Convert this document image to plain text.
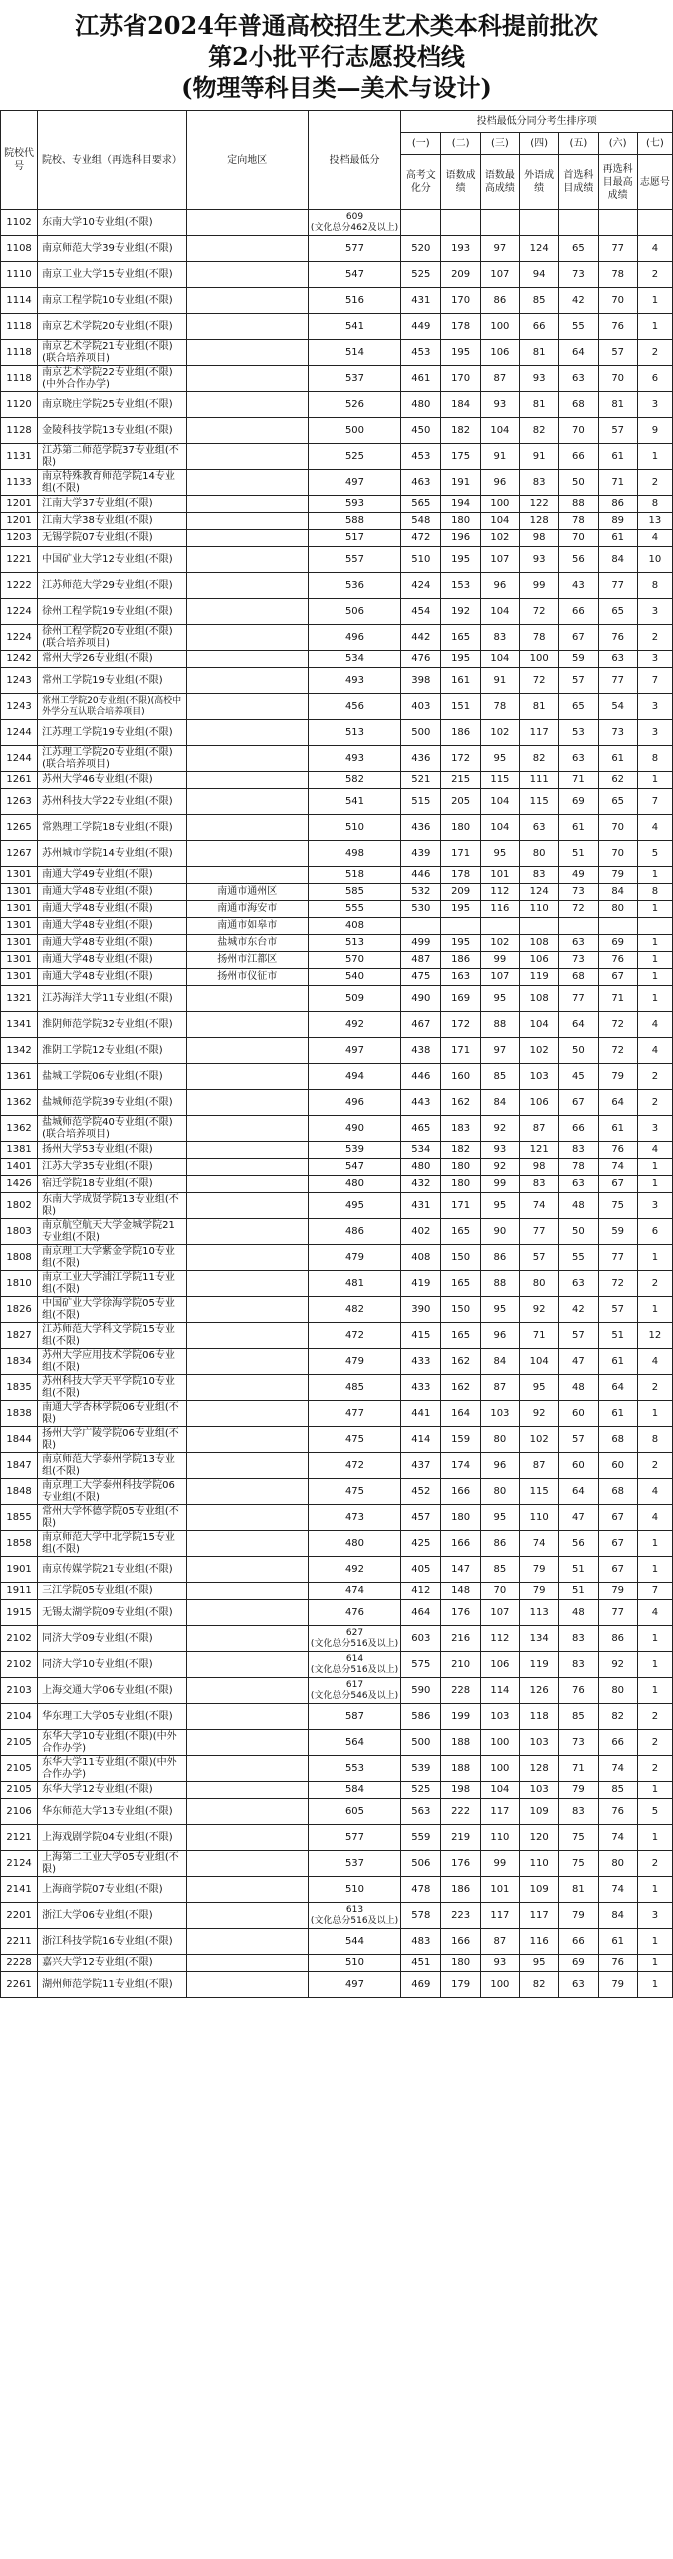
江苏省2024年普通高校招生艺术类本科提前批次
第2小批平行志愿投档线
(物理等科目类—美术与设计)
院校代号	院校、专业组（再选科目要求）	定向地区	投档最低分	投档最低分同分考生排序项						
				(一)	(二)	(三)	(四)	(五)	(六)	(七)
				高考文化分	语数成绩	语数最高成绩	外语成绩	首选科目成绩	再选科目最高成绩	志愿号
1102	东南大学10专业组(不限)		609
(文化总分462及以上)							
1108	南京师范大学39专业组(不限)		577	520	193	97	124	65	77	4
1110	南京工业大学15专业组(不限)		547	525	209	107	94	73	78	2
1114	南京工程学院10专业组(不限)		516	431	170	86	85	42	70	1
1118	南京艺术学院20专业组(不限)		541	449	178	100	66	55	76	1
1118	南京艺术学院21专业组(不限)(联合培养项目)		514	453	195	106	81	64	57	2
1118	南京艺术学院22专业组(不限)(中外合作办学)		537	461	170	87	93	63	70	6
1120	南京晓庄学院25专业组(不限)		526	480	184	93	81	68	81	3
1128	金陵科技学院13专业组(不限)		500	450	182	104	82	70	57	9
1131	江苏第二师范学院37专业组(不限)		525	453	175	91	91	66	61	1
1133	南京特殊教育师范学院14专业组(不限)		497	463	191	96	83	50	71	2
1201	江南大学37专业组(不限)		593	565	194	100	122	88	86	8
1201	江南大学38专业组(不限)		588	548	180	104	128	78	89	13
1203	无锡学院07专业组(不限)		517	472	196	102	98	70	61	4
1221	中国矿业大学12专业组(不限)		557	510	195	107	93	56	84	10
1222	江苏师范大学29专业组(不限)		536	424	153	96	99	43	77	8
1224	徐州工程学院19专业组(不限)		506	454	192	104	72	66	65	3
1224	徐州工程学院20专业组(不限)(联合培养项目)		496	442	165	83	78	67	76	2
1242	常州大学26专业组(不限)		534	476	195	104	100	59	63	3
1243	常州工学院19专业组(不限)		493	398	161	91	72	57	77	7
1243	常州工学院20专业组(不限)(高校中外学分互认联合培养项目)		456	403	151	78	81	65	54	3
1244	江苏理工学院19专业组(不限)		513	500	186	102	117	53	73	3
1244	江苏理工学院20专业组(不限)(联合培养项目)		493	436	172	95	82	63	61	8
1261	苏州大学46专业组(不限)		582	521	215	115	111	71	62	1
1263	苏州科技大学22专业组(不限)		541	515	205	104	115	69	65	7
1265	常熟理工学院18专业组(不限)		510	436	180	104	63	61	70	4
1267	苏州城市学院14专业组(不限)		498	439	171	95	80	51	70	5
1301	南通大学49专业组(不限)		518	446	178	101	83	49	79	1
1301	南通大学48专业组(不限)	南通市通州区	585	532	209	112	124	73	84	8
1301	南通大学48专业组(不限)	南通市海安市	555	530	195	116	110	72	80	1
1301	南通大学48专业组(不限)	南通市如皋市	408							
1301	南通大学48专业组(不限)	盐城市东台市	513	499	195	102	108	63	69	1
1301	南通大学48专业组(不限)	扬州市江都区	570	487	186	99	106	73	76	1
1301	南通大学48专业组(不限)	扬州市仪征市	540	475	163	107	119	68	67	1
1321	江苏海洋大学11专业组(不限)		509	490	169	95	108	77	71	1
1341	淮阴师范学院32专业组(不限)		492	467	172	88	104	64	72	4
1342	淮阴工学院12专业组(不限)		497	438	171	97	102	50	72	4
1361	盐城工学院06专业组(不限)		494	446	160	85	103	45	79	2
1362	盐城师范学院39专业组(不限)		496	443	162	84	106	67	64	2
1362	盐城师范学院40专业组(不限)(联合培养项目)		490	465	183	92	87	66	61	3
1381	扬州大学53专业组(不限)		539	534	182	93	121	83	76	4
1401	江苏大学35专业组(不限)		547	480	180	92	98	78	74	1
1426	宿迁学院18专业组(不限)		480	432	180	99	83	63	67	1
1802	东南大学成贤学院13专业组(不限)		495	431	171	95	74	48	75	3
1803	南京航空航天大学金城学院21专业组(不限)		486	402	165	90	77	50	59	6
1808	南京理工大学紫金学院10专业组(不限)		479	408	150	86	57	55	77	1
1810	南京工业大学浦江学院11专业组(不限)		481	419	165	88	80	63	72	2
1826	中国矿业大学徐海学院05专业组(不限)		482	390	150	95	92	42	57	1
1827	江苏师范大学科文学院15专业组(不限)		472	415	165	96	71	57	51	12
1834	苏州大学应用技术学院06专业组(不限)		479	433	162	84	104	47	61	4
1835	苏州科技大学天平学院10专业组(不限)		485	433	162	87	95	48	64	2
1838	南通大学杏林学院06专业组(不限)		477	441	164	103	92	60	61	1
1844	扬州大学广陵学院06专业组(不限)		475	414	159	80	102	57	68	8
1847	南京师范大学泰州学院13专业组(不限)		472	437	174	96	87	60	60	2
1848	南京理工大学泰州科技学院06专业组(不限)		475	452	166	80	115	64	68	4
1855	常州大学怀德学院05专业组(不限)		473	457	180	95	110	47	67	4
1858	南京师范大学中北学院15专业组(不限)		480	425	166	86	74	56	67	1
1901	南京传媒学院21专业组(不限)		492	405	147	85	79	51	67	1
1911	三江学院05专业组(不限)		474	412	148	70	79	51	79	7
1915	无锡太湖学院09专业组(不限)		476	464	176	107	113	48	77	4
2102	同济大学09专业组(不限)		627
(文化总分516及以上)	603	216	112	134	83	86	1
2102	同济大学10专业组(不限)		614
(文化总分516及以上)	575	210	106	119	83	92	1
2103	上海交通大学06专业组(不限)		617
(文化总分546及以上)	590	228	114	126	76	80	1
2104	华东理工大学05专业组(不限)		587	586	199	103	118	85	82	2
2105	东华大学10专业组(不限)(中外合作办学)		564	500	188	100	103	73	66	2
2105	东华大学11专业组(不限)(中外合作办学)		553	539	188	100	128	71	74	2
2105	东华大学12专业组(不限)		584	525	198	104	103	79	85	1
2106	华东师范大学13专业组(不限)		605	563	222	117	109	83	76	5
2121	上海戏剧学院04专业组(不限)		577	559	219	110	120	75	74	1
2124	上海第二工业大学05专业组(不限)		537	506	176	99	110	75	80	2
2141	上海商学院07专业组(不限)		510	478	186	101	109	81	74	1
2201	浙江大学06专业组(不限)		613
(文化总分516及以上)	578	223	117	117	79	84	3
2211	浙江科技学院16专业组(不限)		544	483	166	87	116	66	61	1
2228	嘉兴大学12专业组(不限)		510	451	180	93	95	69	76	1
2261	湖州师范学院11专业组(不限)		497	469	179	100	82	63	79	1
